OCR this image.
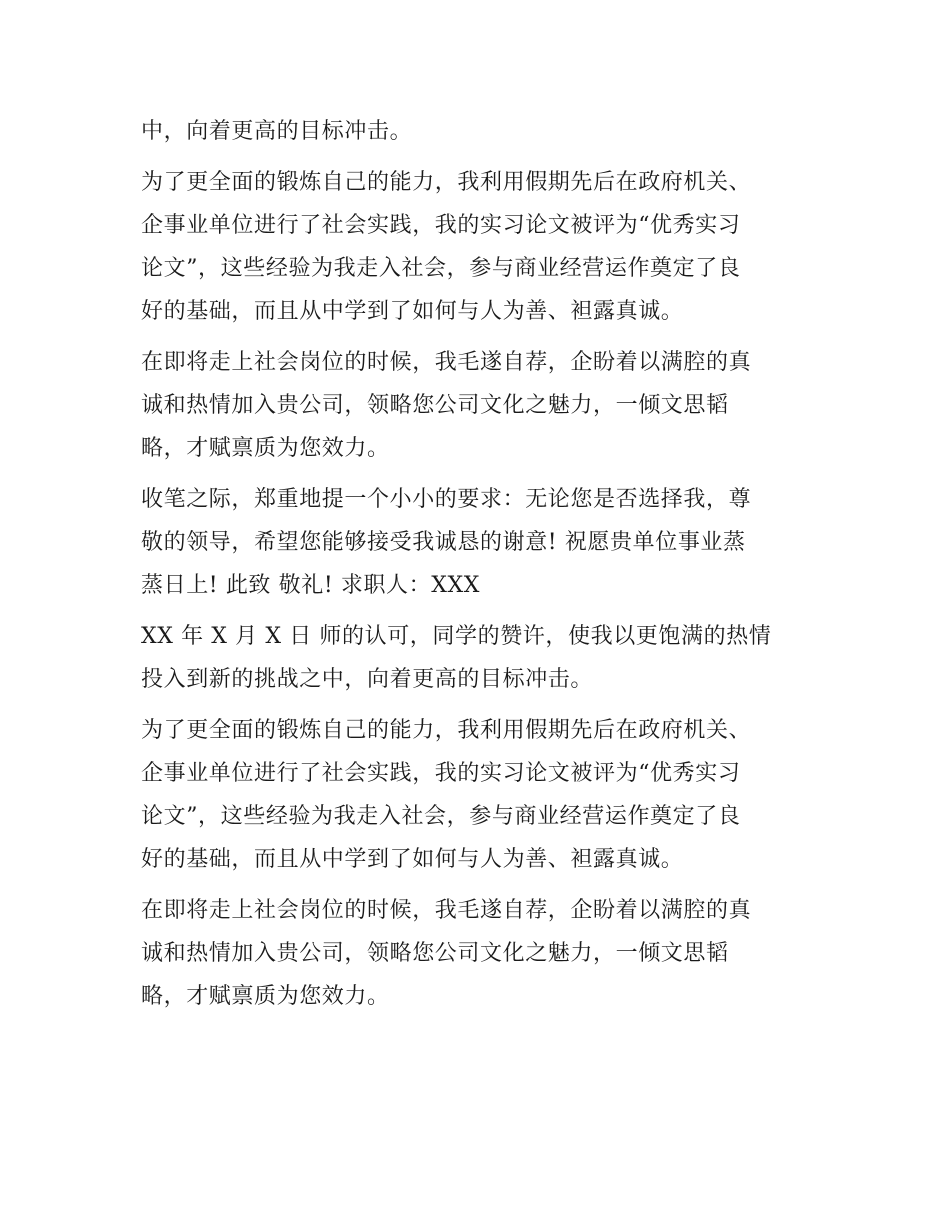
中，向着更高的目标冲击。
为了更全面的锻炼自己的能力，我利用假期先后在政府机关、
企事业单位进行了社会实践，我的实习论文被评为“优秀实习
论文”，这些经验为我走入社会，参与商业经营运作奠定了良
好的基础，而且从中学到了如何与人为善、袒露真诚。
在即将走上社会岗位的时候，我毛遂自荐，企盼着以满腔的真
诚和热情加入贵公司，领略您公司文化之魅力，一倾文思韬
略，才赋禀质为您效力。
收笔之际，郑重地提一个小小的要求：无论您是否选择我，尊
敬的领导，希望您能够接受我诚恳的谢意! 祝愿贵单位事业蒸
蒸日上! 此致 敬礼! 求职人：XXX
XX 年 X 月 X 日 师的认可，同学的赞许，使我以更饱满的热情
投入到新的挑战之中，向着更高的目标冲击。
为了更全面的锻炼自己的能力，我利用假期先后在政府机关、
企事业单位进行了社会实践，我的实习论文被评为“优秀实习
论文”，这些经验为我走入社会，参与商业经营运作奠定了良
好的基础，而且从中学到了如何与人为善、袒露真诚。
在即将走上社会岗位的时候，我毛遂自荐，企盼着以满腔的真
诚和热情加入贵公司，领略您公司文化之魅力，一倾文思韬
略，才赋禀质为您效力。
